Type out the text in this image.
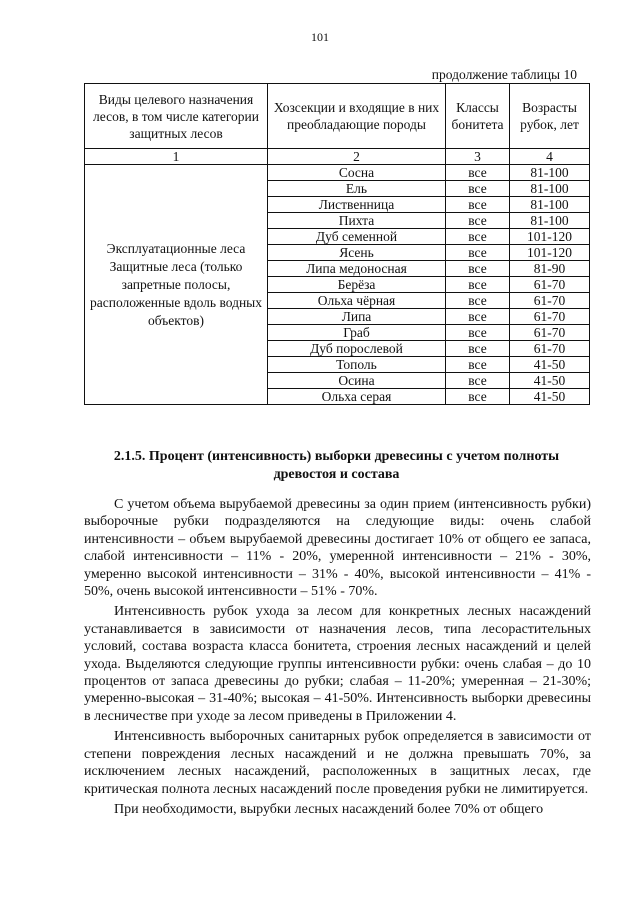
101
продолжение таблицы 10
Виды целевого назначения лесов, в том числе категории защитных лесов	Хозсекции и входящие в них преобладающие породы	Классы бонитета	Возрасты рубок, лет
1	2	3	4
Эксплуатационные леса Защитные леса (только запретные полосы, расположенные вдоль водных объектов)	Сосна	все	81-100
	Ель	все	81-100
	Лиственница	все	81-100
	Пихта	все	81-100
	Дуб семенной	все	101-120
	Ясень	все	101-120
	Липа медоносная	все	81-90
	Берёза	все	61-70
	Ольха чёрная	все	61-70
	Липа	все	61-70
	Граб	все	61-70
	Дуб порослевой	все	61-70
	Тополь	все	41-50
	Осина	все	41-50
	Ольха серая	все	41-50
2.1.5. Процент (интенсивность) выборки древесины с учетом полноты древостоя и состава

С учетом объема вырубаемой древесины за один прием (интенсивность рубки) выборочные рубки подразделяются на следующие виды: очень слабой интенсивности – объем вырубаемой древесины достигает 10% от общего ее запаса, слабой интенсивности – 11% - 20%, умеренной интенсивности – 21% - 30%, умеренно высокой интенсивности – 31% - 40%, высокой интенсивности – 41% - 50%, очень высокой интенсивности – 51% - 70%.

Интенсивность рубок ухода за лесом для конкретных лесных насаждений устанавливается в зависимости от назначения лесов, типа лесорастительных условий, состава возраста класса бонитета, строения лесных насаждений и целей ухода. Выделяются следующие группы интенсивности рубки: очень слабая – до 10 процентов от запаса древесины до рубки; слабая – 11-20%; умеренная – 21-30%; умеренно-высокая – 31-40%; высокая – 41-50%. Интенсивность выборки древесины в лесничестве при уходе за лесом приведены в Приложении 4.

Интенсивность выборочных санитарных рубок определяется в зависимости от степени повреждения лесных насаждений и не должна превышать 70%, за исключением лесных насаждений, расположенных в защитных лесах, где критическая полнота лесных насаждений после проведения рубки не лимитируется.

При необходимости, вырубки лесных насаждений более 70% от общего
